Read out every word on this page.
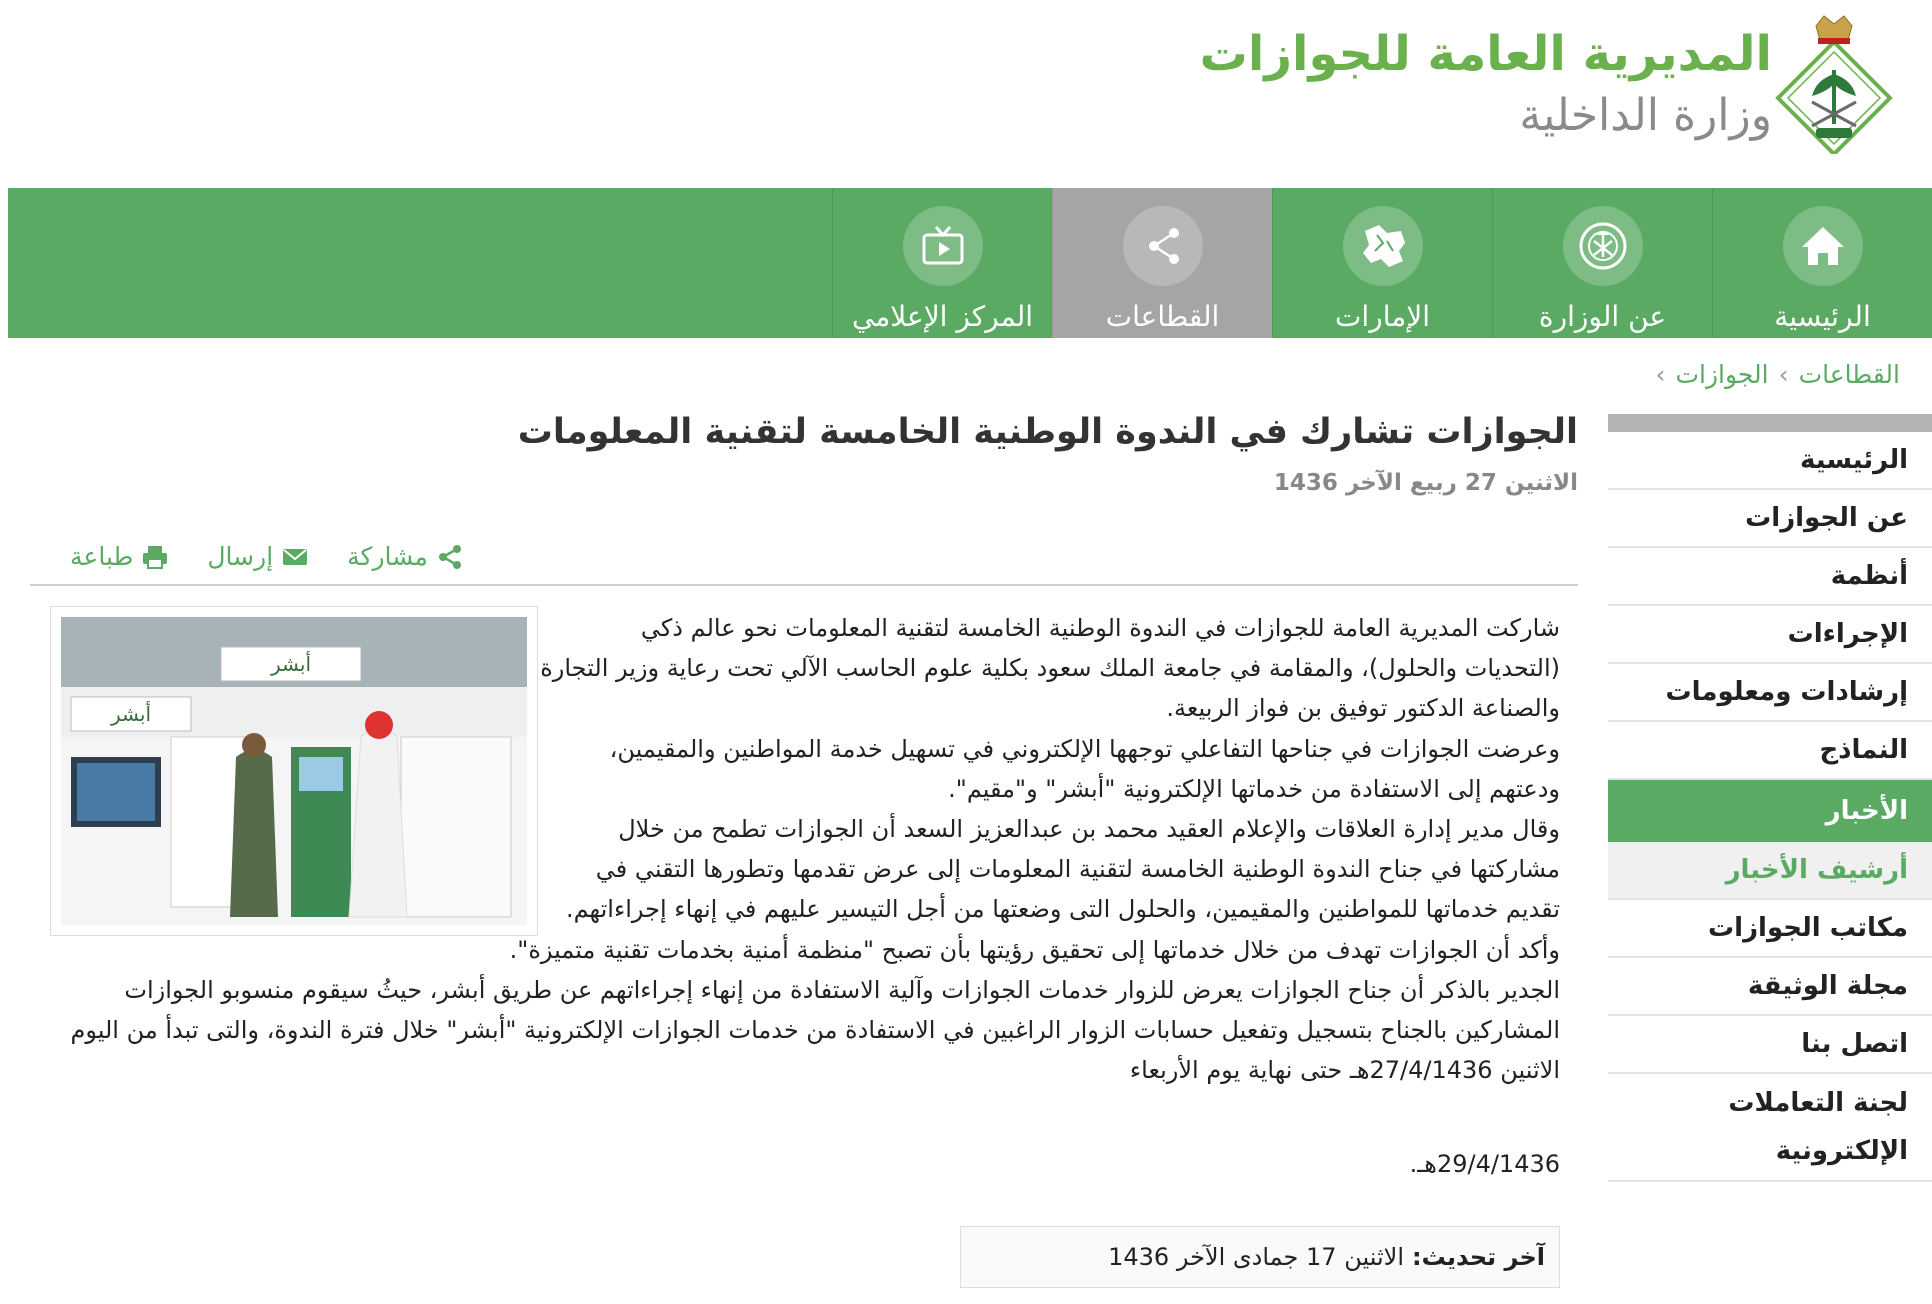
المديرية العامة للجوازات
وزارة الداخلية
الرئيسية
عن الوزارة
الإمارات
القطاعات
المركز الإعلامي
القطاعات›الجوازات›
الرئيسية
عن الجوازات
أنظمة
الإجراءات
إرشادات ومعلومات
النماذج
الأخبار
أرشيف الأخبار
مكاتب الجوازات
مجلة الوثيقة
اتصل بنا
لجنة التعاملات الإلكترونية
الجوازات تشارك في الندوة الوطنية الخامسة لتقنية المعلومات
الاثنين 27 ربيع الآخر 1436
طباعة	إرسال	مشاركة
أبشر
أبشر

شاركت المديرية العامة للجوازات في الندوة الوطنية الخامسة لتقنية المعلومات نحو عالم ذكي (التحديات والحلول)، والمقامة في جامعة الملك سعود بكلية علوم الحاسب الآلي تحت رعاية وزير التجارة والصناعة الدكتور توفيق بن فواز الربيعة.

وعرضت الجوازات في جناحها التفاعلي توجهها الإلكتروني في تسهيل خدمة المواطنين والمقيمين، ودعتهم إلى الاستفادة من خدماتها الإلكترونية "أبشر" و"مقيم".

وقال مدير إدارة العلاقات والإعلام العقيد محمد بن عبدالعزيز السعد أن الجوازات تطمح من خلال مشاركتها في جناح الندوة الوطنية الخامسة لتقنية المعلومات إلى عرض تقدمها وتطورها التقني في تقديم خدماتها للمواطنين والمقيمين، والحلول التى وضعتها من أجل التيسير عليهم في إنهاء إجراءاتهم.

وأكد أن الجوازات تهدف من خلال خدماتها إلى تحقيق رؤيتها بأن تصبح "منظمة أمنية بخدمات تقنية متميزة".

الجدير بالذكر أن جناح الجوازات يعرض للزوار خدمات الجوازات وآلية الاستفادة من إنهاء إجراءاتهم عن طريق أبشر، حيثُ سيقوم منسوبو الجوازات المشاركين بالجناح بتسجيل وتفعيل حسابات الزوار الراغبين في الاستفادة من خدمات الجوازات الإلكترونية "أبشر" خلال فترة الندوة، والتى تبدأ من اليوم الاثنين 27/4/1436هـ حتى نهاية يوم الأربعاء

29/4/1436هـ.
آخر تحديث:
الاثنين 17 جمادى الآخر 1436
